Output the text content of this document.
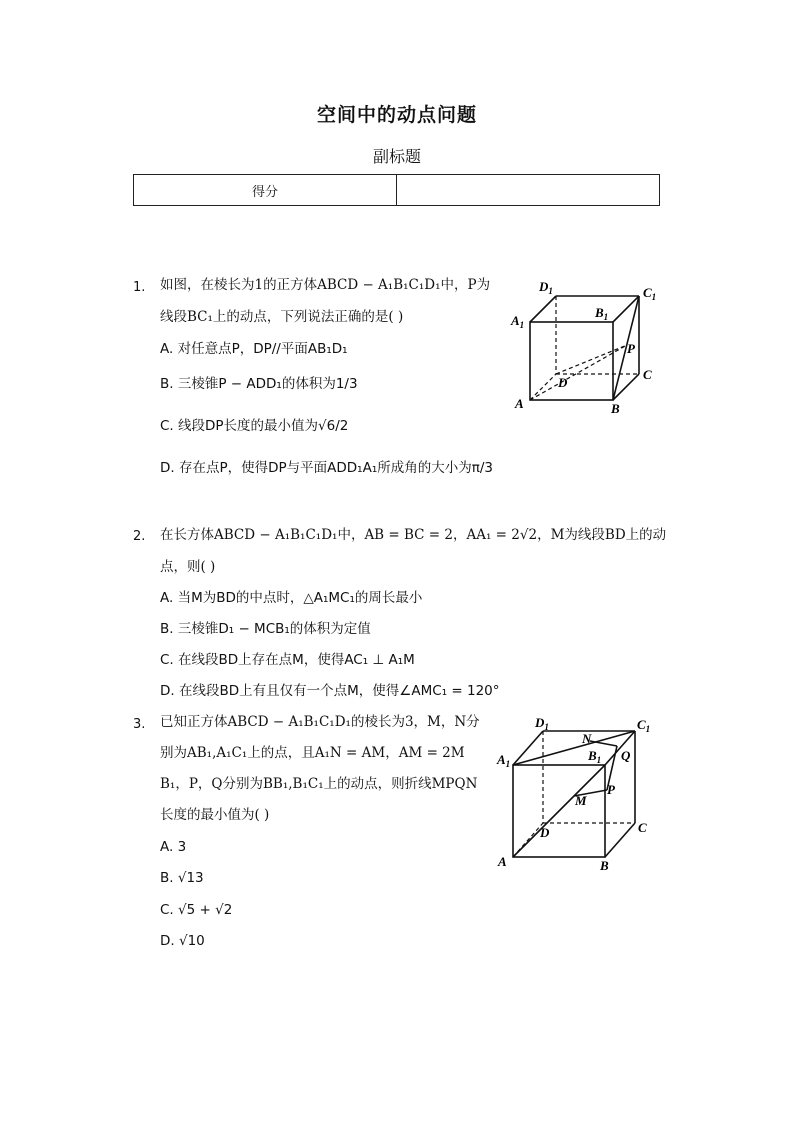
空间中的动点问题
副标题
得分	
1. 如图，在棱长为1的正方体ABCD − A₁B₁C₁D₁中，P为
线段BC₁上的动点，下列说法正确的是( )
A. 对任意点P，DP//平面AB₁D₁
B. 三棱锥P − ADD₁的体积为1/3
C. 线段DP长度的最小值为√6/2
D. 存在点P，使得DP与平面ADD₁A₁所成角的大小为π/3
$D_1$	$C_1$
$A_1$
$B_1$
P
D
C
A	B
2. 在长方体ABCD − A₁B₁C₁D₁中，AB = BC = 2，AA₁ = 2√2，M为线段BD上的动
点，则( )
A. 当M为BD的中点时，△A₁MC₁的周长最小
B. 三棱锥D₁ − MCB₁的体积为定值
C. 在线段BD上存在点M，使得AC₁ ⊥ A₁M
D. 在线段BD上有且仅有一个点M，使得∠AMC₁ = 120°
3. 已知正方体ABCD − A₁B₁C₁D₁的棱长为3，M，N分
别为AB₁,A₁C₁上的点，且A₁N = AM，AM = 2M
B₁，P，Q分别为BB₁,B₁C₁上的动点，则折线MPQN
长度的最小值为( )
A. 3
B. √13
C. √5 + √2
D. √10
$D_1$	$C_1$
N
$A_1$
$B_1$ Q
P
M
D	C
A	B
